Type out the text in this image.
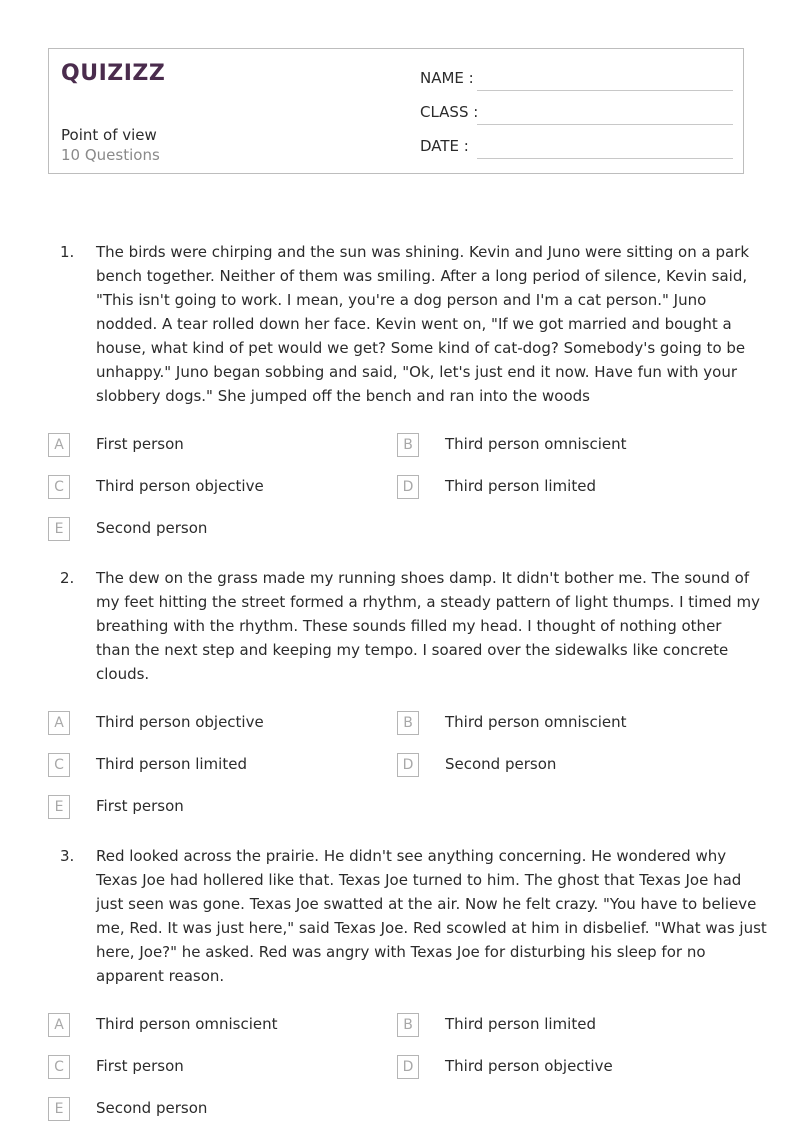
QUIZIZZ
Point of view
10 Questions
NAME :
CLASS :
DATE :
1. The birds were chirping and the sun was shining. Kevin and Juno were sitting on a park
bench together. Neither of them was smiling. After a long period of silence, Kevin said,
"This isn't going to work. I mean, you're a dog person and I'm a cat person." Juno
nodded. A tear rolled down her face. Kevin went on, "If we got married and bought a
house, what kind of pet would we get? Some kind of cat-dog? Somebody's going to be
unhappy." Juno began sobbing and said, "Ok, let's just end it now. Have fun with your
slobbery dogs." She jumped off the bench and ran into the woods
A	First person	B	Third person omniscient
C	Third person objective	D	Third person limited
E	Second person
2. The dew on the grass made my running shoes damp. It didn't bother me. The sound of
my feet hitting the street formed a rhythm, a steady pattern of light thumps. I timed my
breathing with the rhythm. These sounds filled my head. I thought of nothing other
than the next step and keeping my tempo. I soared over the sidewalks like concrete
clouds.
A	Third person objective	B	Third person omniscient
C	Third person limited	D	Second person
E	First person
3. Red looked across the prairie. He didn't see anything concerning. He wondered why
Texas Joe had hollered like that. Texas Joe turned to him. The ghost that Texas Joe had
just seen was gone. Texas Joe swatted at the air. Now he felt crazy. "You have to believe
me, Red. It was just here," said Texas Joe. Red scowled at him in disbelief. "What was just
here, Joe?" he asked. Red was angry with Texas Joe for disturbing his sleep for no
apparent reason.
A	Third person omniscient	B	Third person limited
C	First person	D	Third person objective
E	Second person
